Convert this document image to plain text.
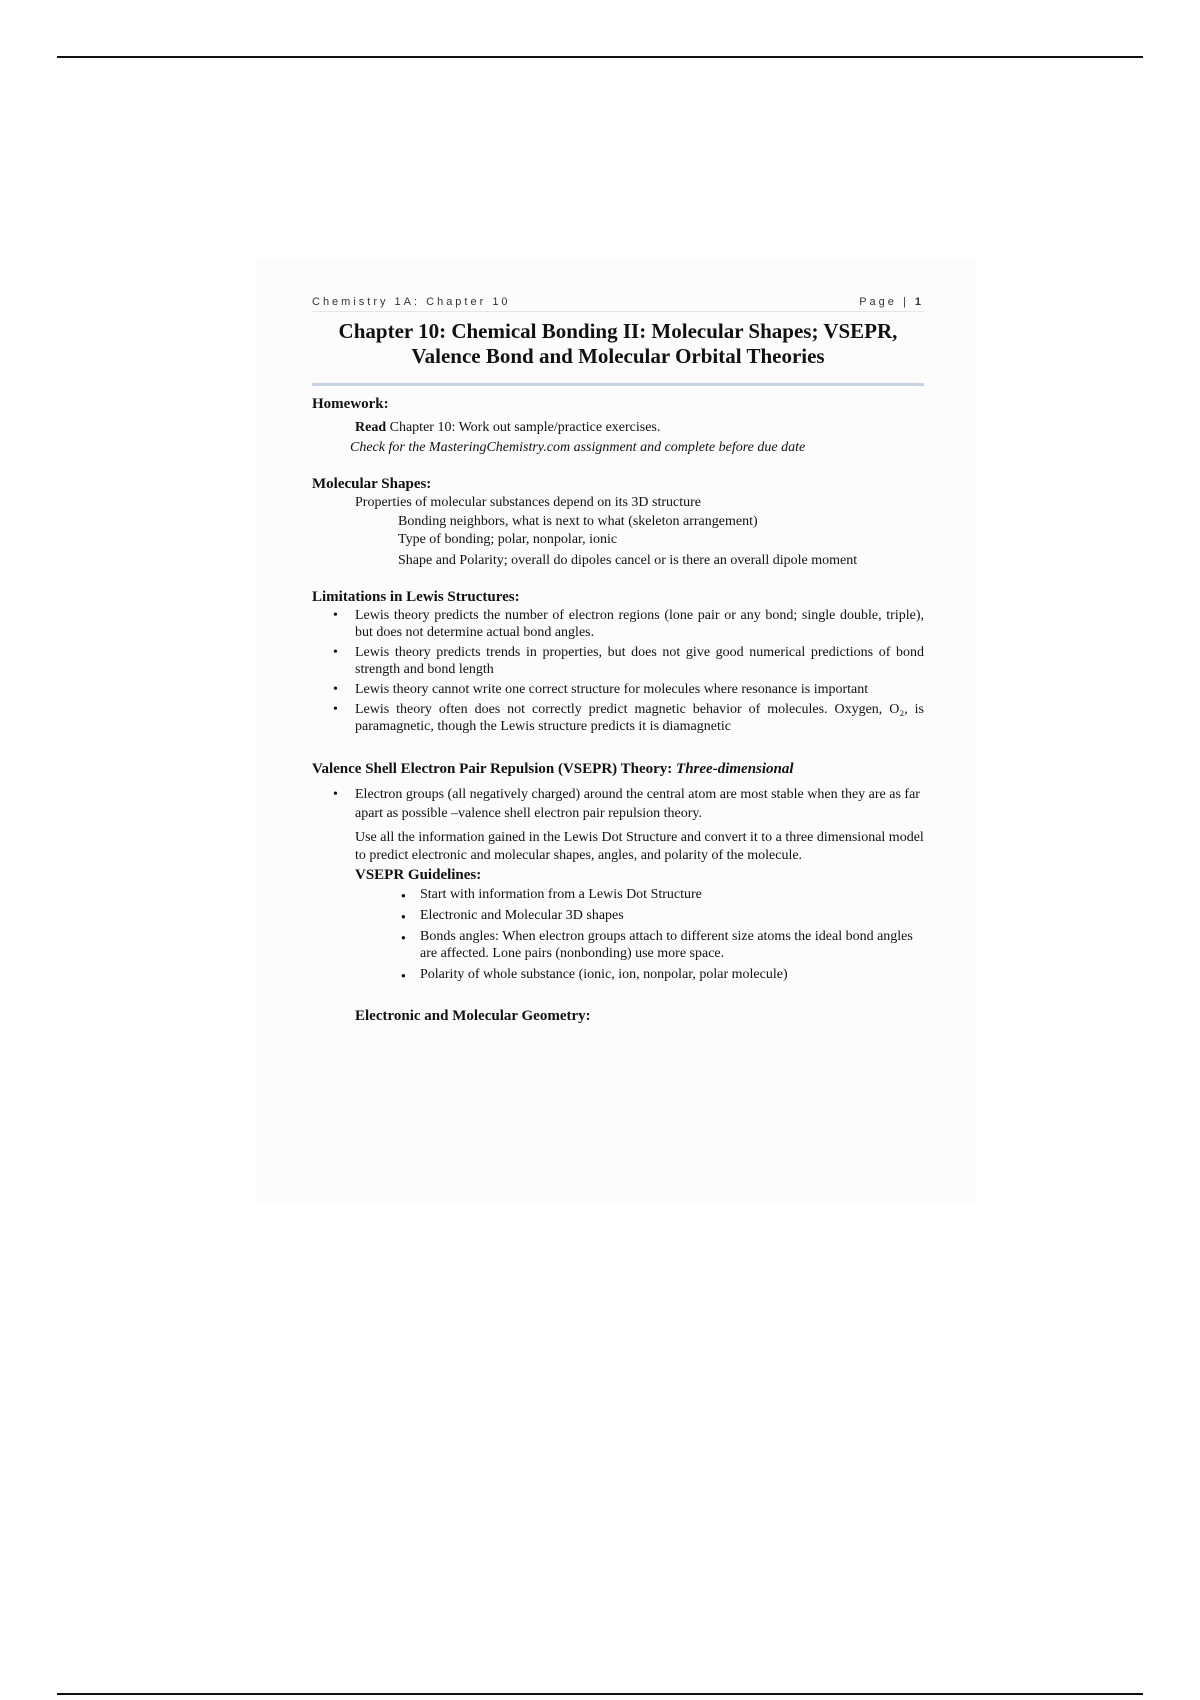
Chemistry 1A: Chapter 10	Page | 1
Chapter 10: Chemical Bonding II: Molecular Shapes; VSEPR,
Valence Bond and Molecular Orbital Theories
Homework:

Read Chapter 10: Work out sample/practice exercises.

Check for the MasteringChemistry.com assignment and complete before due date

Molecular Shapes:

Properties of molecular substances depend on its 3D structure

Bonding neighbors, what is next to what (skeleton arrangement)

Type of bonding; polar, nonpolar, ionic

Shape and Polarity; overall do dipoles cancel or is there an overall dipole moment

Limitations in Lewis Structures:
• Lewis theory predicts the number of electron regions (lone pair or any bond; single double, triple), but does not determine actual bond angles.
• Lewis theory predicts trends in properties, but does not give good numerical predictions of bond strength and bond length
• Lewis theory cannot write one correct structure for molecules where resonance is important
• Lewis theory often does not correctly predict magnetic behavior of molecules. Oxygen, O₂, is paramagnetic, though the Lewis structure predicts it is diamagnetic
Valence Shell Electron Pair Repulsion (VSEPR) Theory: Three-dimensional
• Electron groups (all negatively charged) around the central atom are most stable when they are as far apart as possible –valence shell electron pair repulsion theory.

Use all the information gained in the Lewis Dot Structure and convert it to a three dimensional model to predict electronic and molecular shapes, angles, and polarity of the molecule.

VSEPR Guidelines:
● Start with information from a Lewis Dot Structure
● Electronic and Molecular 3D shapes
● Bonds angles: When electron groups attach to different size atoms the ideal bond angles are affected. Lone pairs (nonbonding) use more space.
● Polarity of whole substance (ionic, ion, nonpolar, polar molecule)
Electronic and Molecular Geometry:
